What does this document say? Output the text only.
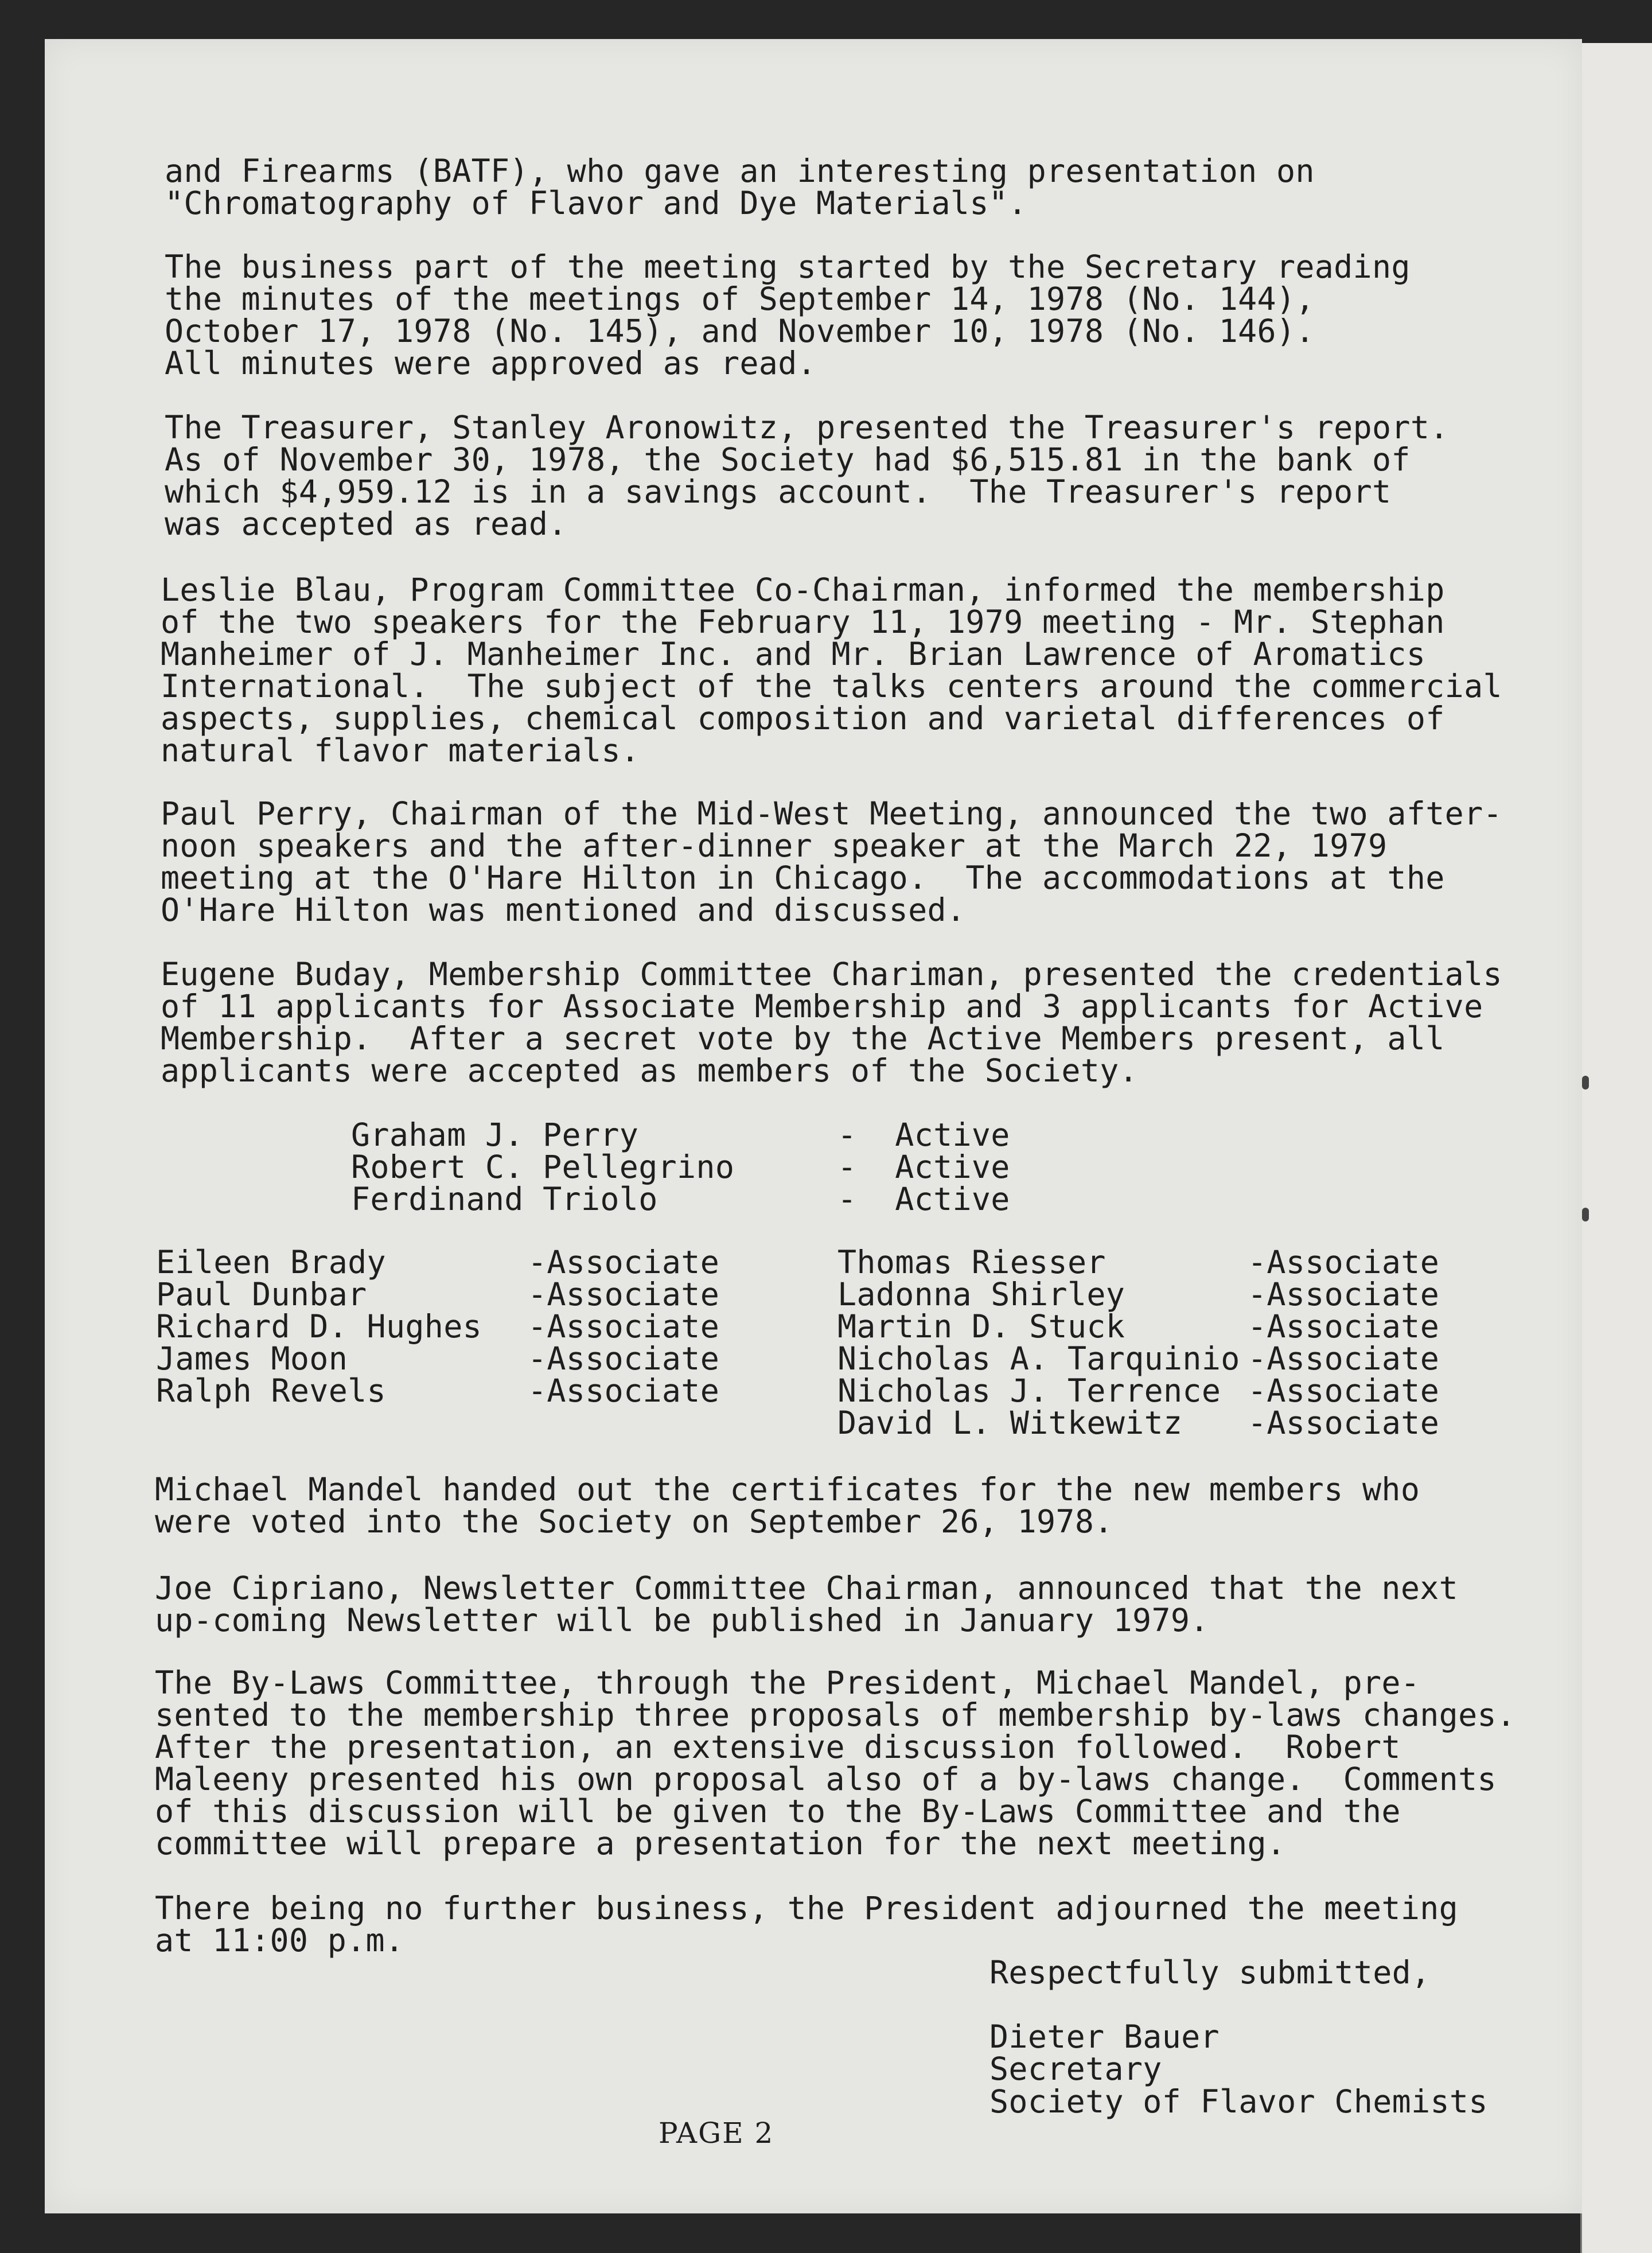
and Firearms (BATF), who gave an interesting presentation on
"Chromatography of Flavor and Dye Materials".

The business part of the meeting started by the Secretary reading
the minutes of the meetings of September 14, 1978 (No. 144),
October 17, 1978 (No. 145), and November 10, 1978 (No. 146).
All minutes were approved as read.

The Treasurer, Stanley Aronowitz, presented the Treasurer's report.
As of November 30, 1978, the Society had $6,515.81 in the bank of
which $4,959.12 is in a savings account.  The Treasurer's report
was accepted as read.

Leslie Blau, Program Committee Co-Chairman, informed the membership
of the two speakers for the February 11, 1979 meeting - Mr. Stephan
Manheimer of J. Manheimer Inc. and Mr. Brian Lawrence of Aromatics
International.  The subject of the talks centers around the commercial
aspects, supplies, chemical composition and varietal differences of
natural flavor materials.

Paul Perry, Chairman of the Mid-West Meeting, announced the two after-
noon speakers and the after-dinner speaker at the March 22, 1979
meeting at the O'Hare Hilton in Chicago.  The accommodations at the
O'Hare Hilton was mentioned and discussed.

Eugene Buday, Membership Committee Chariman, presented the credentials
of 11 applicants for Associate Membership and 3 applicants for Active
Membership.  After a secret vote by the Active Members present, all
applicants were accepted as members of the Society.

Graham J. Perry
Robert C. Pellegrino
Ferdinand Triolo

-  Active
-  Active
-  Active

Eileen Brady
Paul Dunbar
Richard D. Hughes
James Moon
Ralph Revels

-Associate
-Associate
-Associate
-Associate
-Associate

Thomas Riesser
Ladonna Shirley
Martin D. Stuck
Nicholas A. Tarquinio
Nicholas J. Terrence
David L. Witkewitz

-Associate
-Associate
-Associate
-Associate
-Associate
-Associate

Michael Mandel handed out the certificates for the new members who
were voted into the Society on September 26, 1978.

Joe Cipriano, Newsletter Committee Chairman, announced that the next
up-coming Newsletter will be published in January 1979.

The By-Laws Committee, through the President, Michael Mandel, pre-
sented to the membership three proposals of membership by-laws changes.
After the presentation, an extensive discussion followed.  Robert
Maleeny presented his own proposal also of a by-laws change.  Comments
of this discussion will be given to the By-Laws Committee and the
committee will prepare a presentation for the next meeting.

There being no further business, the President adjourned the meeting
at 11:00 p.m.

Respectfully submitted,

Dieter Bauer

Secretary

Society of Flavor Chemists

PAGE 2
